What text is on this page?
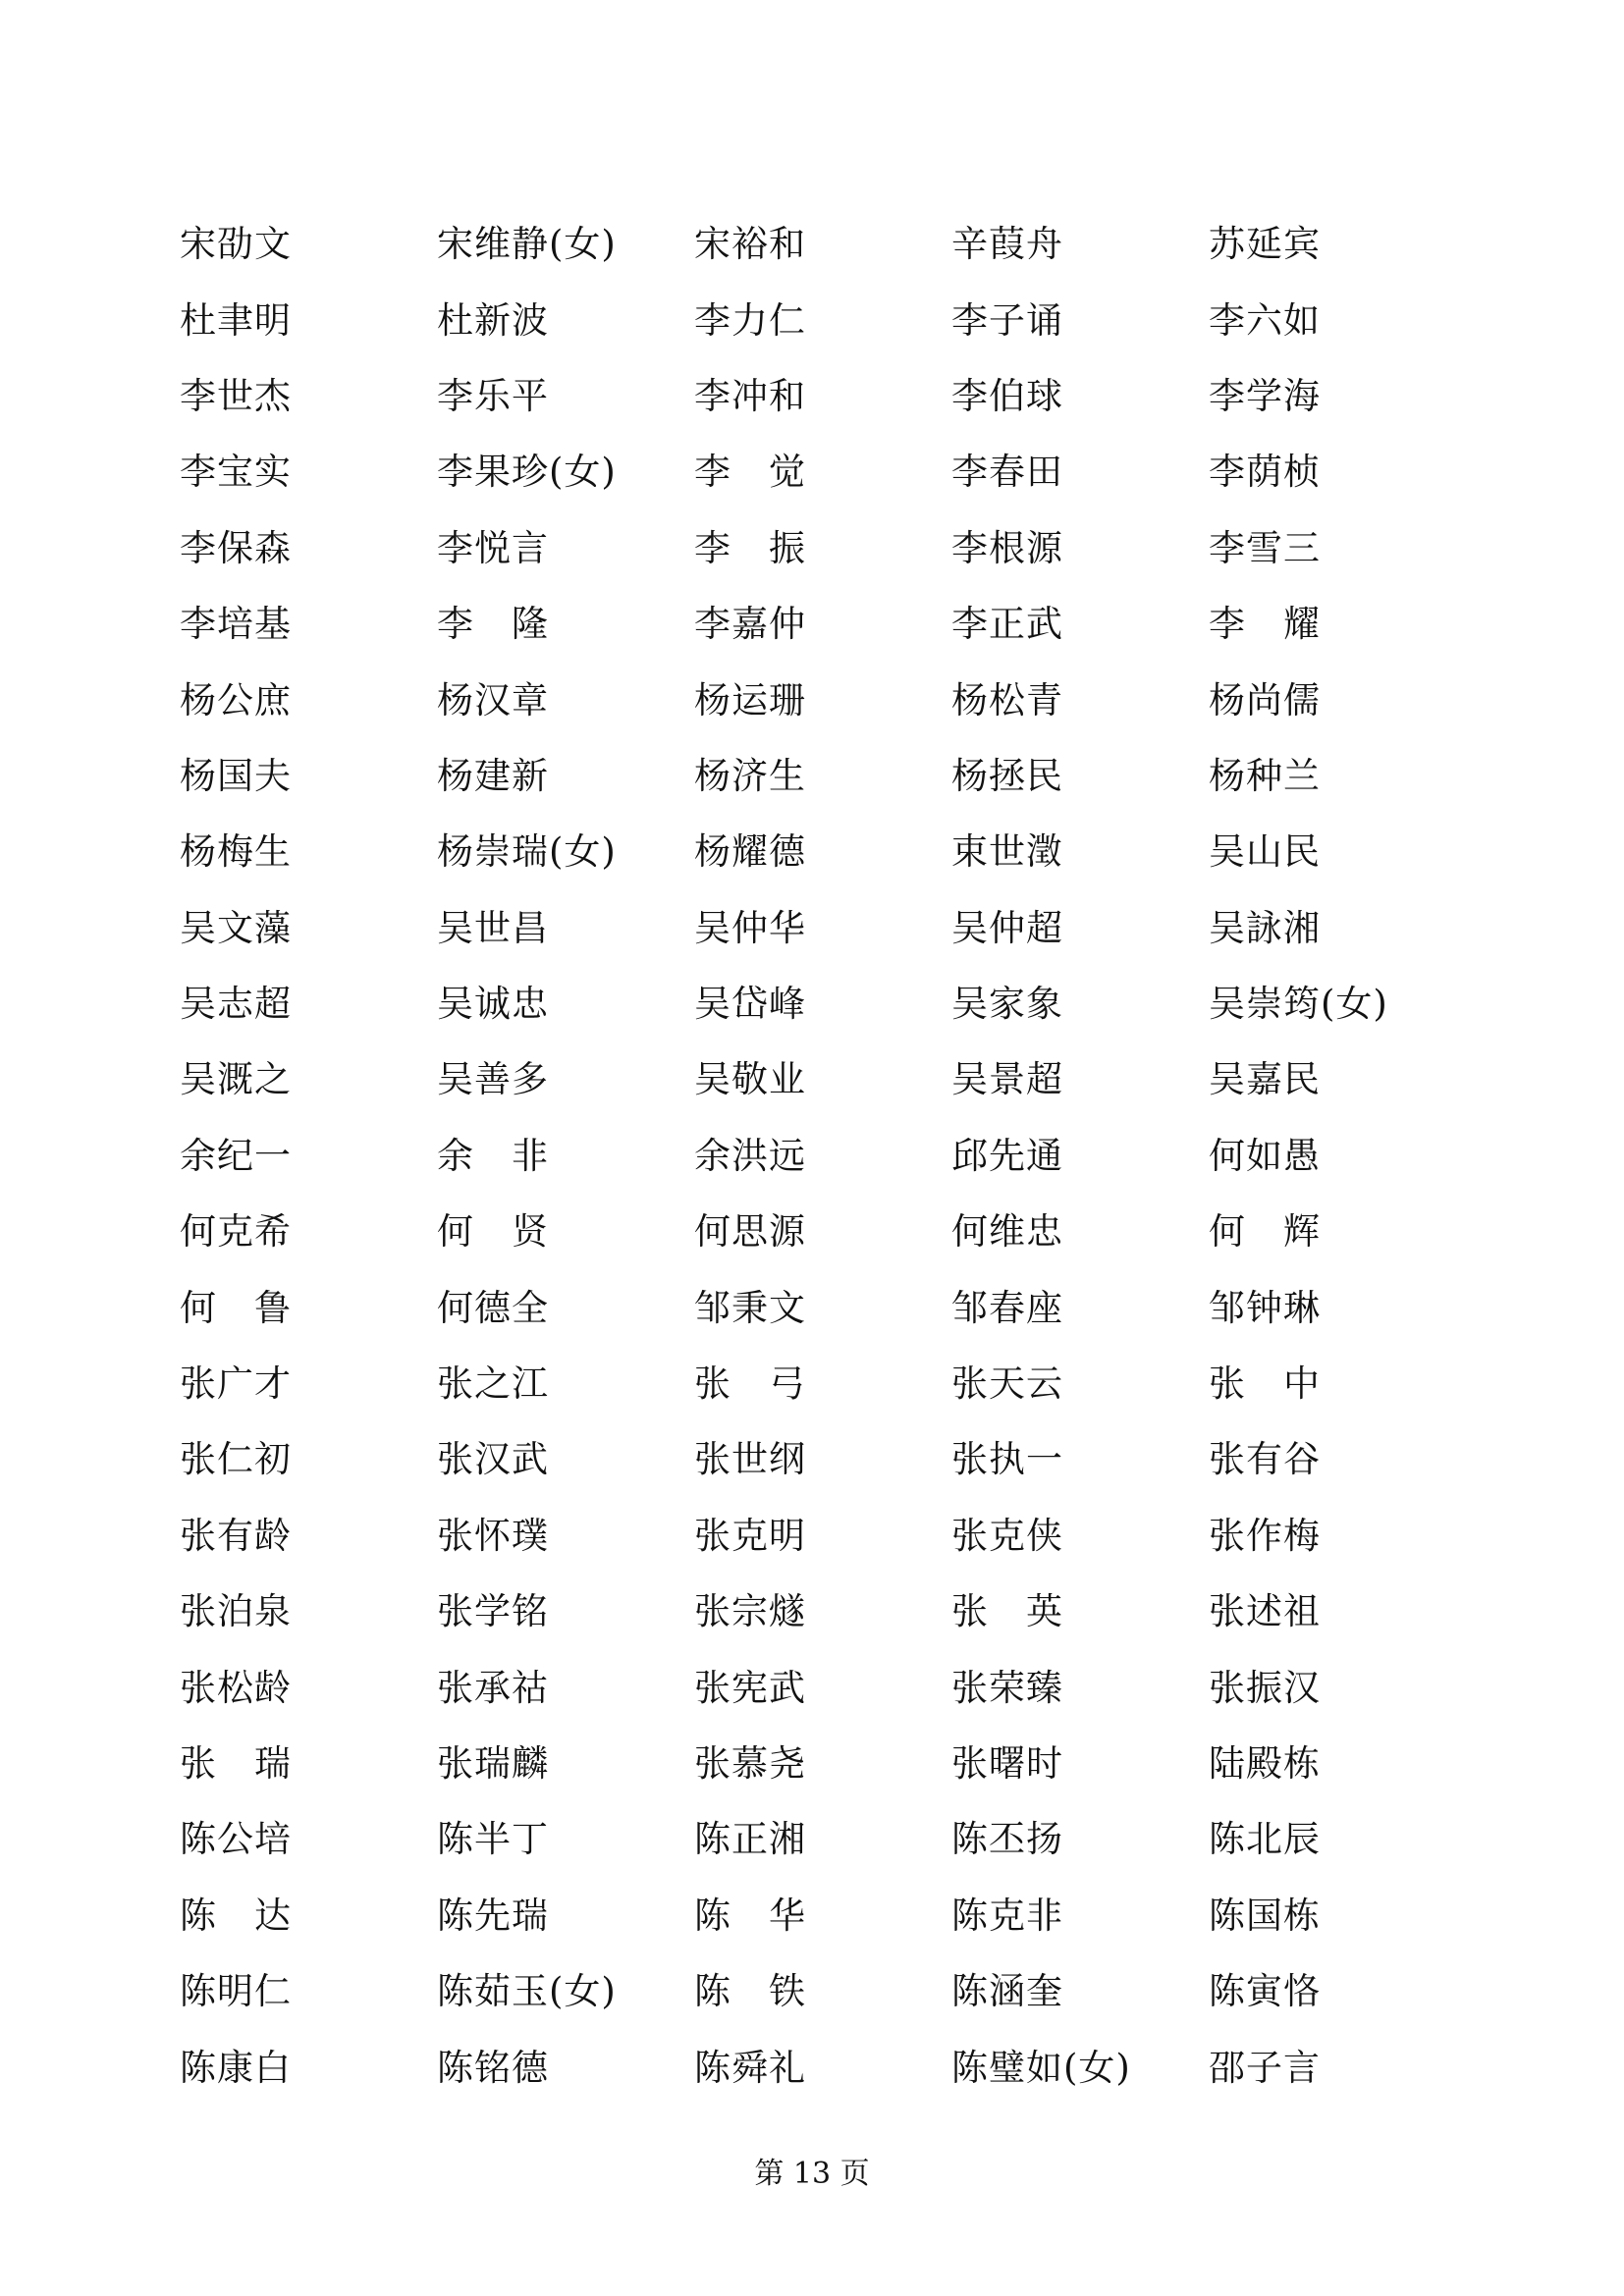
宋劭文	宋维静(女)	宋裕和	辛葭舟	苏延宾
杜聿明	杜新波	李力仁	李子诵	李六如
李世杰	李乐平	李冲和	李伯球	李学海
李宝实	李果珍(女)	李　觉	李春田	李荫桢
李保森	李悦言	李　振	李根源	李雪三
李培基	李　隆	李嘉仲	李正武	李　耀
杨公庶	杨汉章	杨运珊	杨松青	杨尚儒
杨国夫	杨建新	杨济生	杨拯民	杨种兰
杨梅生	杨崇瑞(女)	杨耀德	束世澂	吴山民
吴文藻	吴世昌	吴仲华	吴仲超	吴詠湘
吴志超	吴诚忠	吴岱峰	吴家象	吴崇筠(女)
吴溉之	吴善多	吴敬业	吴景超	吴嘉民
余纪一	余　非	余洪远	邱先通	何如愚
何克希	何　贤	何思源	何维忠	何　辉
何　鲁	何德全	邹秉文	邹春座	邹钟琳
张广才	张之江	张　弓	张天云	张　中
张仁初	张汉武	张世纲	张执一	张有谷
张有龄	张怀璞	张克明	张克侠	张作梅
张泊泉	张学铭	张宗燧	张　英	张述祖
张松龄	张承祜	张宪武	张荣臻	张振汉
张　瑞	张瑞麟	张慕尧	张曙时	陆殿栋
陈公培	陈半丁	陈正湘	陈丕扬	陈北辰
陈　达	陈先瑞	陈　华	陈克非	陈国栋
陈明仁	陈茹玉(女)	陈　铁	陈涵奎	陈寅恪
陈康白	陈铭德	陈舜礼	陈璧如(女)	邵子言
第 13 页
